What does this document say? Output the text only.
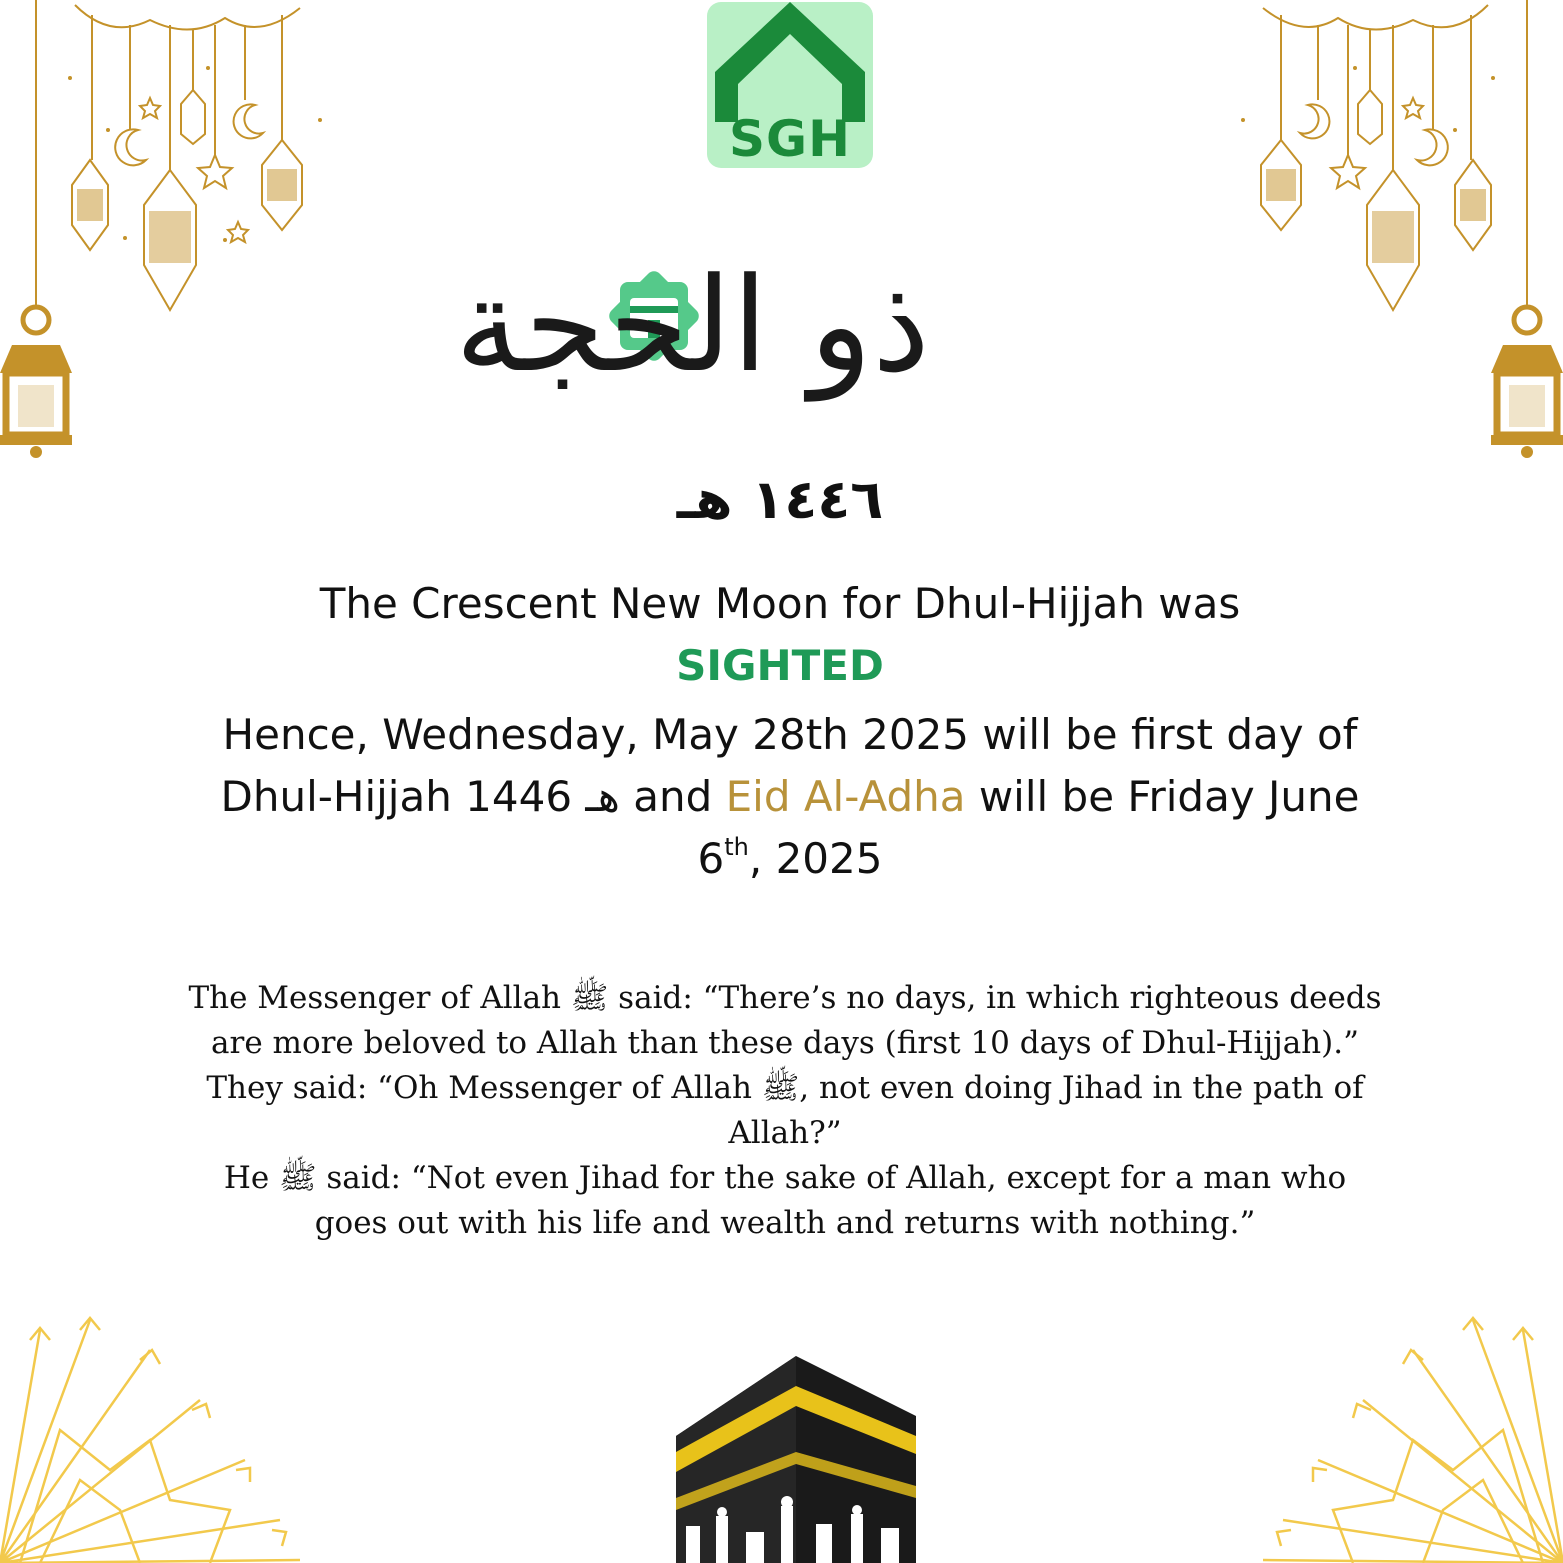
SGH
ذو الحجة
١٤٤٦ هـ
The Crescent New Moon for Dhul-Hijjah was
SIGHTED
Hence, Wednesday, May 28th 2025 will be first day of
Dhul-Hijjah 1446 هـ and Eid Al-Adha will be Friday June
6th, 2025
The Messenger of Allah ﷺ said: “There’s no days, in which righteous deeds
are more beloved to Allah than these days (first 10 days of Dhul-Hijjah).”
They said: “Oh Messenger of Allah ﷺ, not even doing Jihad in the path of
Allah?”
He ﷺ said: “Not even Jihad for the sake of Allah, except for a man who
goes out with his life and wealth and returns with nothing.”
